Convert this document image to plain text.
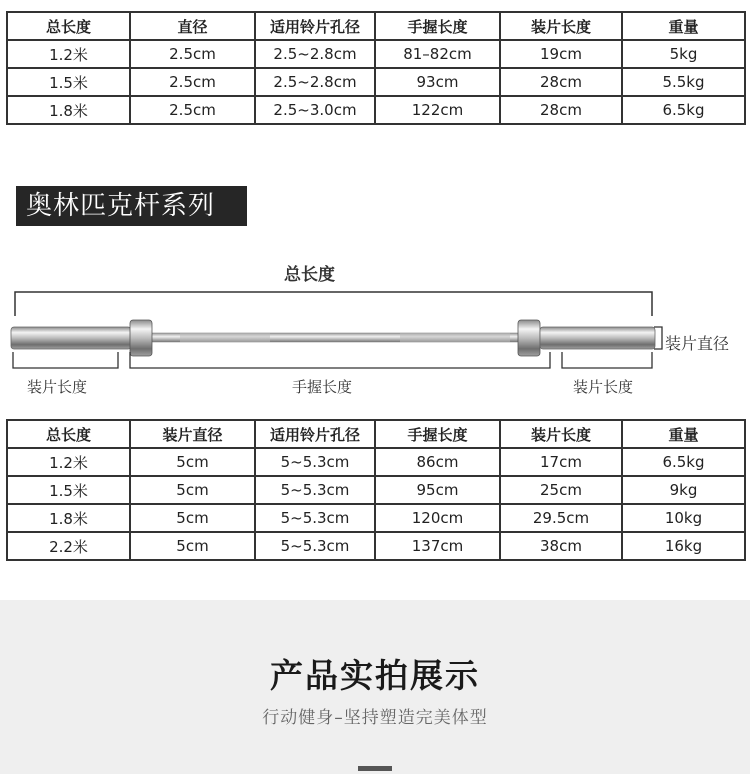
总长度	直径	适用铃片孔径	手握长度	装片长度	重量
1.2米	2.5cm	2.5~2.8cm	81–82cm	19cm	5kg
1.5米	2.5cm	2.5~2.8cm	93cm	28cm	5.5kg
1.8米	2.5cm	2.5~3.0cm	122cm	28cm	6.5kg
奥林匹克杆系列
总长度
装片直径
装片长度	手握长度	装片长度
总长度	装片直径	适用铃片孔径	手握长度	装片长度	重量
1.2米	5cm	5~5.3cm	86cm	17cm	6.5kg
1.5米	5cm	5~5.3cm	95cm	25cm	9kg
1.8米	5cm	5~5.3cm	120cm	29.5cm	10kg
2.2米	5cm	5~5.3cm	137cm	38cm	16kg
产品实拍展示
行动健身–坚持塑造完美体型
